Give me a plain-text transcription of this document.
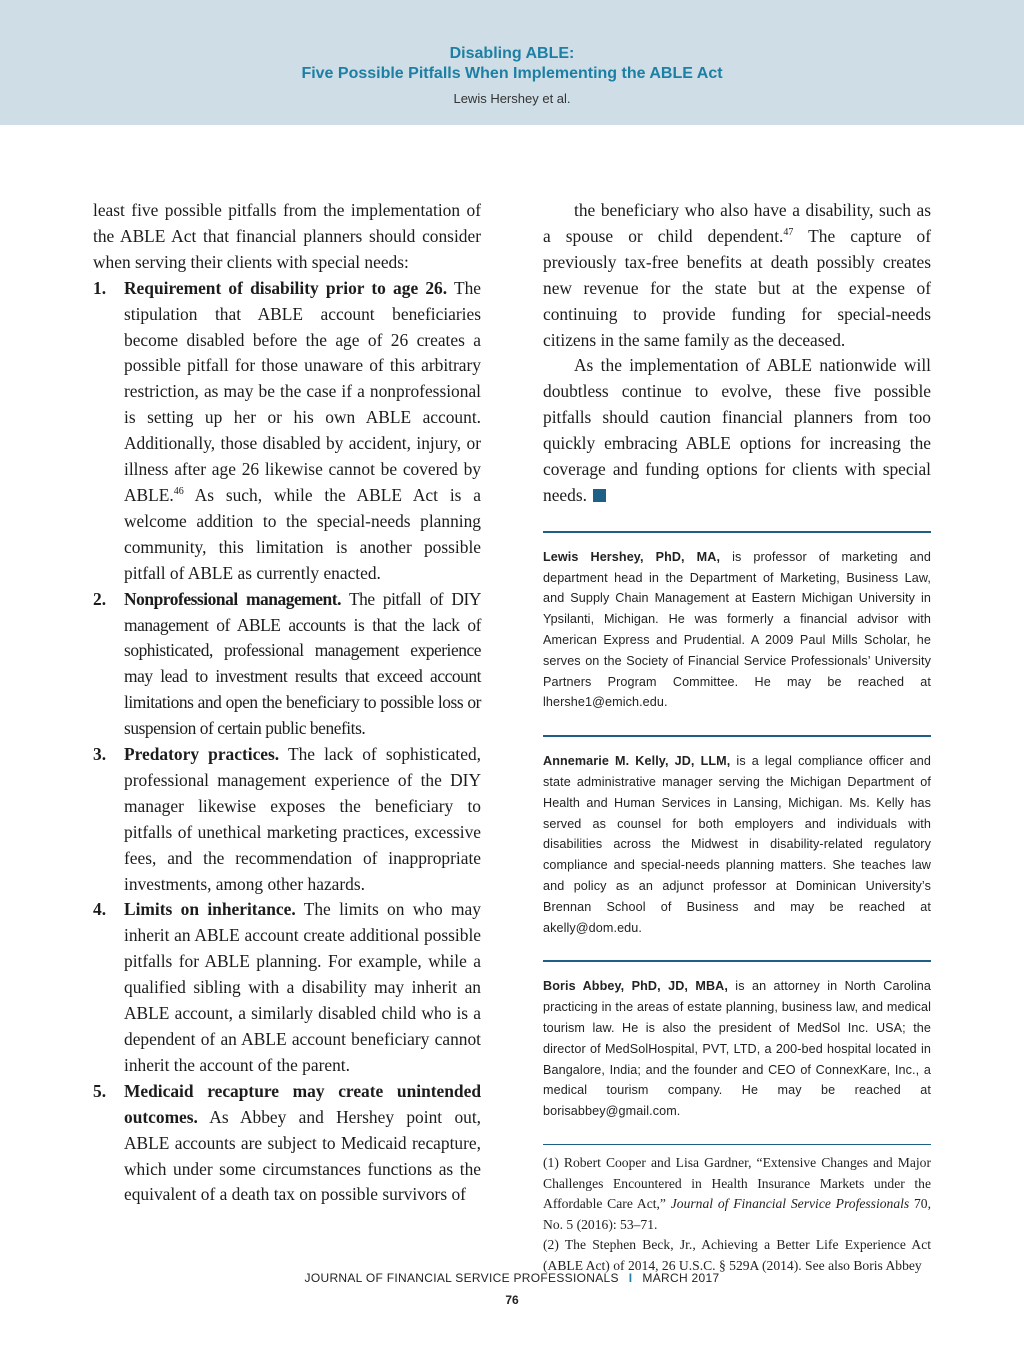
Disabling ABLE:
Five Possible Pitfalls When Implementing the ABLE Act
Lewis Hershey et al.

least five possible pitfalls from the implementation of the ABLE Act that financial planners should consider when serving their clients with special needs:

1. Requirement of disability prior to age 26. The stipulation that ABLE account beneficiaries become disabled before the age of 26 creates a possible pitfall for those unaware of this arbitrary restriction, as may be the case if a nonprofessional is setting up her or his own ABLE account. Additionally, those disabled by accident, injury, or illness after age 26 likewise cannot be covered by ABLE.$^{46}$ As such, while the ABLE Act is a welcome addition to the special-needs planning community, this limitation is another possible pitfall of ABLE as currently enacted.
2. Nonprofessional management. The pitfall of DIY management of ABLE accounts is that the lack of sophisticated, professional management experience may lead to investment results that exceed account limitations and open the beneficiary to possible loss or suspension of certain public benefits.
3. Predatory practices. The lack of sophisticated, professional management experience of the DIY manager likewise exposes the beneficiary to pitfalls of unethical marketing practices, excessive fees, and the recommendation of inappropriate investments, among other hazards.
4. Limits on inheritance. The limits on who may inherit an ABLE account create additional possible pitfalls for ABLE planning. For example, while a qualified sibling with a disability may inherit an ABLE account, a similarly disabled child who is a dependent of an ABLE account beneficiary cannot inherit the account of the parent.
5. Medicaid recapture may create unintended outcomes. As Abbey and Hershey point out, ABLE accounts are subject to Medicaid recapture, which under some circumstances functions as the equivalent of a death tax on possible survivors of

the beneficiary who also have a disability, such as a spouse or child dependent.$^{47}$ The capture of previously tax-free benefits at death possibly creates new revenue for the state but at the expense of continuing to provide funding for special-needs citizens in the same family as the deceased.

As the implementation of ABLE nationwide will doubtless continue to evolve, these five possible pitfalls should caution financial planners from too quickly embracing ABLE options for increasing the coverage and funding options for clients with special needs.

Lewis Hershey, PhD, MA, is professor of marketing and department head in the Department of Marketing, Business Law, and Supply Chain Management at Eastern Michigan University in Ypsilanti, Michigan. He was formerly a financial advisor with American Express and Prudential. A 2009 Paul Mills Scholar, he serves on the Society of Financial Service Professionals’ University Partners Program Committee. He may be reached at lhershe1@emich.edu.

Annemarie M. Kelly, JD, LLM, is a legal compliance officer and state administrative manager serving the Michigan Department of Health and Human Services in Lansing, Michigan. Ms. Kelly has served as counsel for both employers and individuals with disabilities across the Midwest in disability-related regulatory compliance and special-needs planning matters. She teaches law and policy as an adjunct professor at Dominican University’s Brennan School of Business and may be reached at akelly@dom.edu.

Boris Abbey, PhD, JD, MBA, is an attorney in North Carolina practicing in the areas of estate planning, business law, and medical tourism law. He is also the president of MedSol Inc. USA; the director of MedSolHospital, PVT, LTD, a 200-bed hospital located in Bangalore, India; and the founder and CEO of ConnexKare, Inc., a medical tourism company. He may be reached at borisabbey@gmail.com.

(1) Robert Cooper and Lisa Gardner, “Extensive Changes and Major Challenges Encountered in Health Insurance Markets under the Affordable Care Act,” Journal of Financial Service Professionals 70, No. 5 (2016): 53–71.

(2) The Stephen Beck, Jr., Achieving a Better Life Experience Act (ABLE Act) of 2014, 26 U.S.C. § 529A (2014). See also Boris Abbey

JOURNAL OF FINANCIAL SERVICE PROFESSIONALS I MARCH 2017
76
